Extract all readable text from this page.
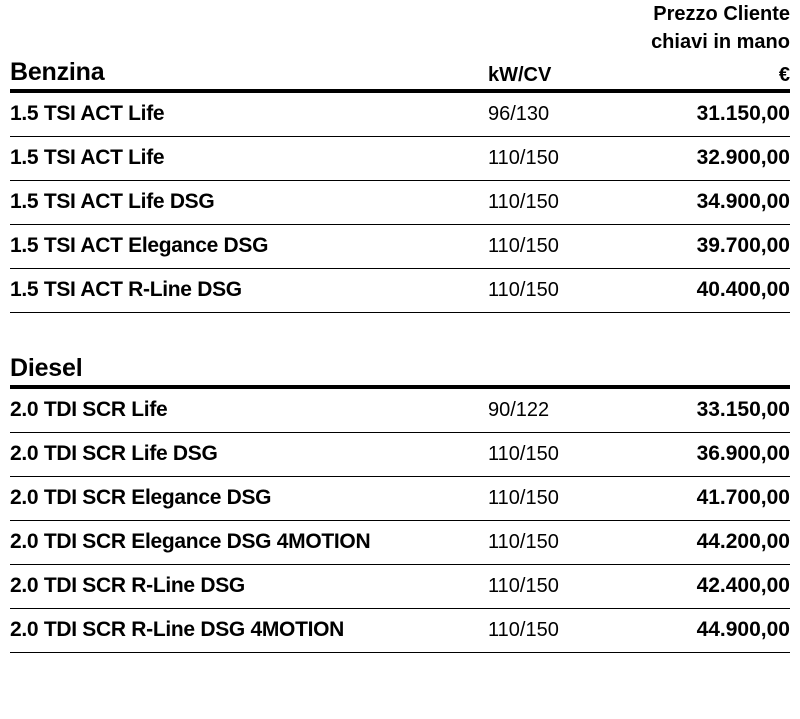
		Prezzo Cliente
		chiavi in mano
Benzina	kW/CV	€

1.5 TSI ACT Life	96/130	31.150,00
1.5 TSI ACT Life	110/150	32.900,00
1.5 TSI ACT Life DSG	110/150	34.900,00
1.5 TSI ACT Elegance DSG	110/150	39.700,00
1.5 TSI ACT R-Line DSG	110/150	40.400,00

Diesel		

2.0 TDI SCR Life	90/122	33.150,00
2.0 TDI SCR Life DSG	110/150	36.900,00
2.0 TDI SCR Elegance DSG	110/150	41.700,00
2.0 TDI SCR Elegance DSG 4MOTION	110/150	44.200,00
2.0 TDI SCR R-Line DSG	110/150	42.400,00
2.0 TDI SCR R-Line DSG 4MOTION	110/150	44.900,00
